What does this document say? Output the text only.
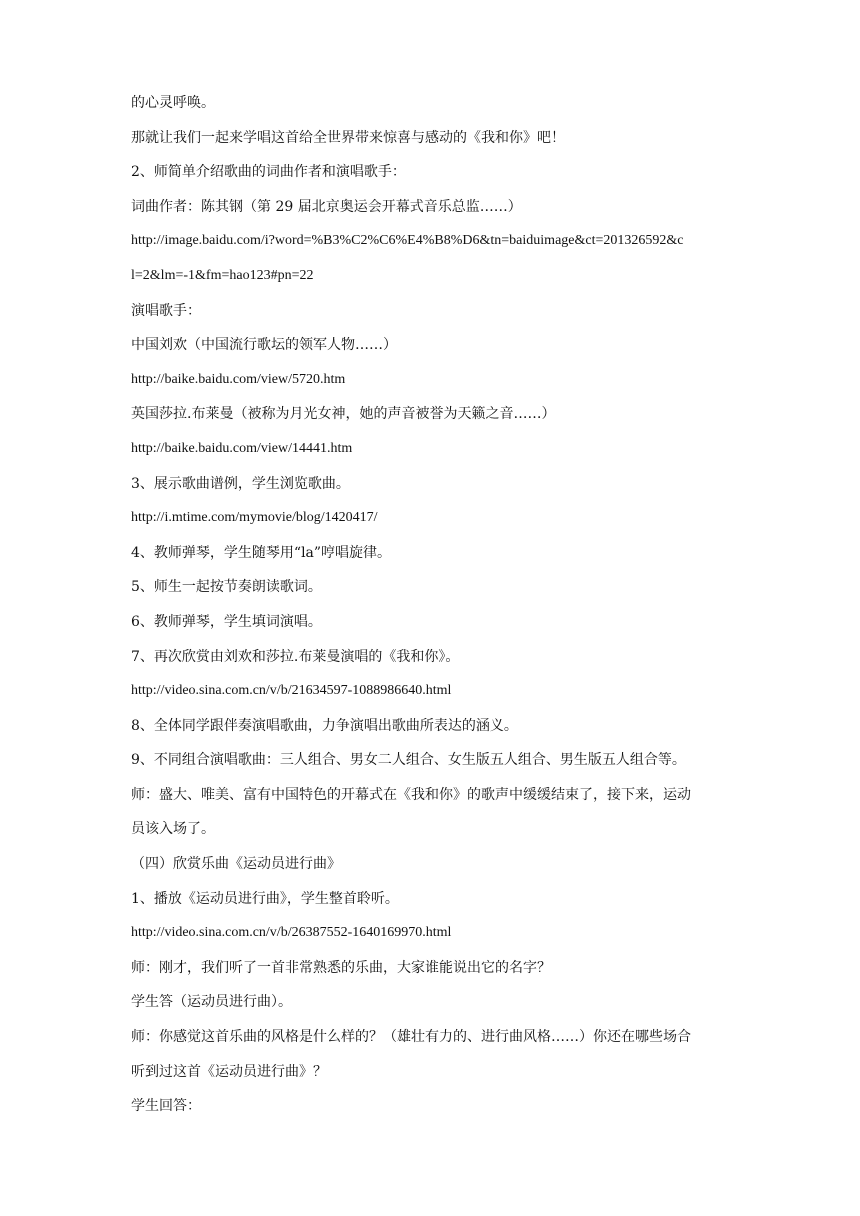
的心灵呼唤。
那就让我们一起来学唱这首给全世界带来惊喜与感动的《我和你》吧！
2、师简单介绍歌曲的词曲作者和演唱歌手：
词曲作者：陈其钢（第 29 届北京奥运会开幕式音乐总监……）
http://image.baidu.com/i?word=%B3%C2%C6%E4%B8%D6&tn=baiduimage&ct=201326592&c
l=2&lm=-1&fm=hao123#pn=22
演唱歌手：
中国刘欢（中国流行歌坛的领军人物……）
http://baike.baidu.com/view/5720.htm
英国莎拉.布莱曼（被称为月光女神，她的声音被誉为天籁之音……）
http://baike.baidu.com/view/14441.htm
3、展示歌曲谱例，学生浏览歌曲。
http://i.mtime.com/mymovie/blog/1420417/
4、教师弹琴，学生随琴用“la”哼唱旋律。
5、师生一起按节奏朗读歌词。
6、教师弹琴，学生填词演唱。
7、再次欣赏由刘欢和莎拉.布莱曼演唱的《我和你》。
http://video.sina.com.cn/v/b/21634597-1088986640.html
8、全体同学跟伴奏演唱歌曲，力争演唱出歌曲所表达的涵义。
9、不同组合演唱歌曲：三人组合、男女二人组合、女生版五人组合、男生版五人组合等。
师：盛大、唯美、富有中国特色的开幕式在《我和你》的歌声中缓缓结束了，接下来，运动
员该入场了。
（四）欣赏乐曲《运动员进行曲》
1、播放《运动员进行曲》，学生整首聆听。
http://video.sina.com.cn/v/b/26387552-1640169970.html
师：刚才，我们听了一首非常熟悉的乐曲，大家谁能说出它的名字？
学生答（运动员进行曲）。
师：你感觉这首乐曲的风格是什么样的？（雄壮有力的、进行曲风格……）你还在哪些场合
听到过这首《运动员进行曲》？
学生回答：
